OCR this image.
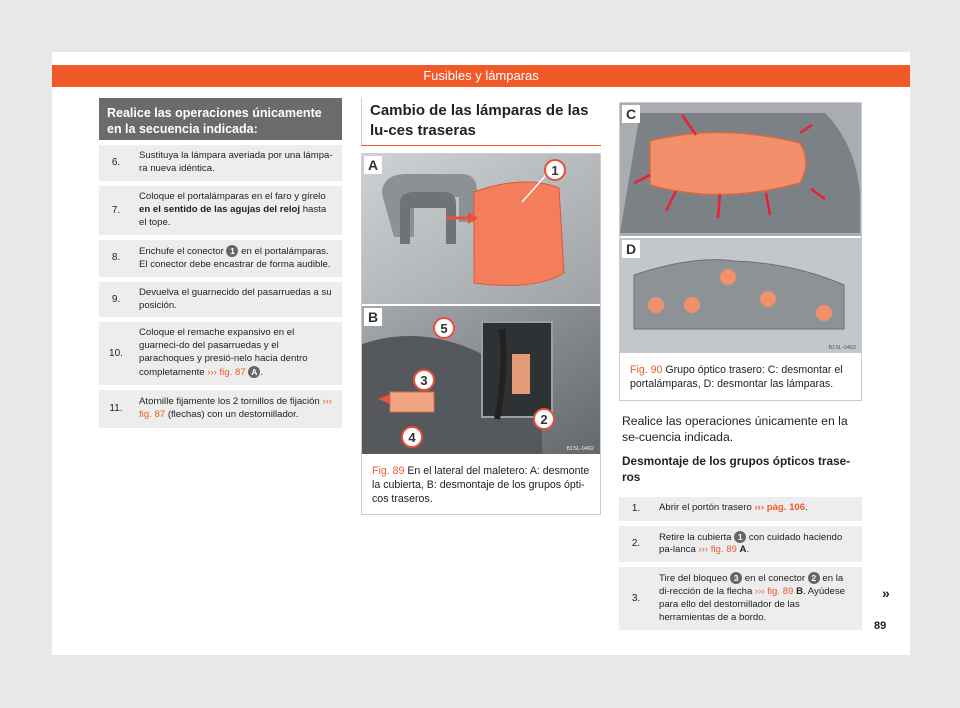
Fusibles y lámparas
Realice las operaciones únicamente en la secuencia indicada:
6.	Sustituya la lámpara averiada por una lámpa-ra nueva idéntica.
7.	Coloque el portalámparas en el faro y gírelo en el sentido de las agujas del reloj hasta el tope.
8.	Enchufe el conector 1 en el portalámparas. El conector debe encastrar de forma audible.
9.	Devuelva el guarnecido del pasarruedas a su posición.
10.	Coloque el remache expansivo en el guarneci-do del pasarruedas y el parachoques y presió-nelo hacia dentro completamente ››› fig. 87 A .
11.	Atornille fijamente los 2 tornillos de fijación ››› fig. 87 (flechas) con un destornillador.
Cambio de las lámparas de las lu-ces traseras
1
A
5
3
4
2
B
B1SL-0462
Fig. 89 En el lateral del maletero: A: desmonte la cubierta, B: desmontaje de los grupos ópti-cos traseros.
C
D
B1SL-0463
Fig. 90 Grupo óptico trasero: C: desmontar el portalámparas, D: desmontar las lámparas.
Realice las operaciones únicamente en la se-cuencia indicada.
Desmontaje de los grupos ópticos trase-ros
1.	Abrir el portón trasero ››› pág. 106.
2.	Retire la cubierta 1 con cuidado haciendo pa-lanca ››› fig. 89 A.
3.	Tire del bloqueo 3 en el conector 2 en la di-rección de la flecha ››› fig. 89 B. Ayúdese para ello del destornillador de las herramientas de a bordo.
»
89
